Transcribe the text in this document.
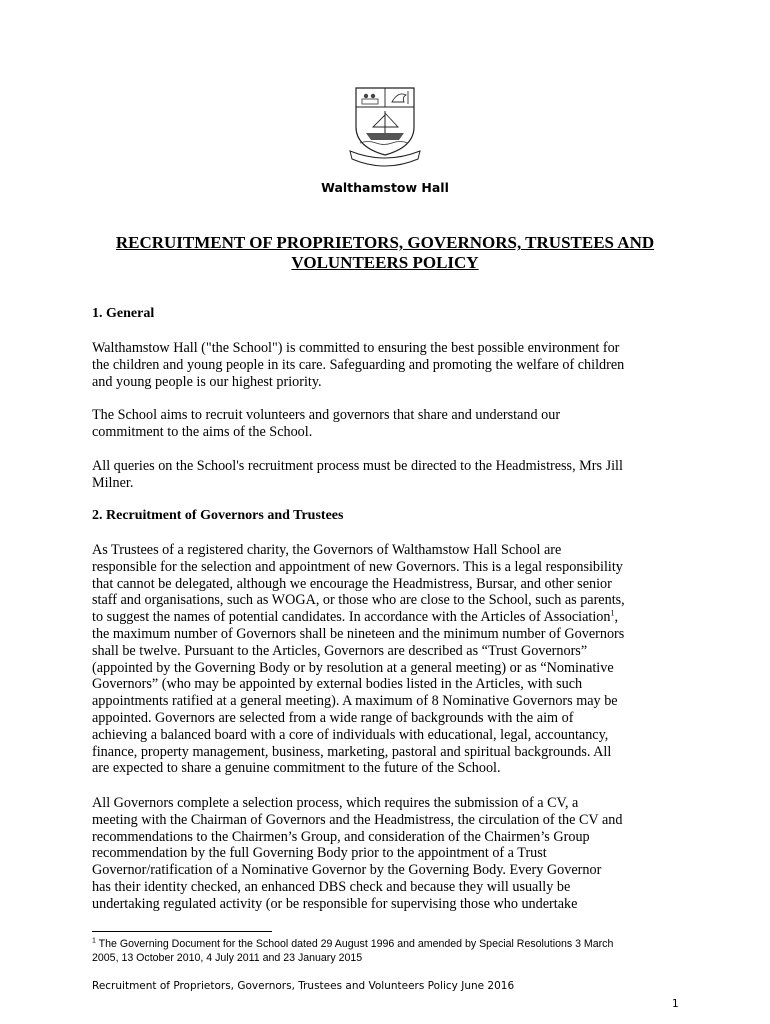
Walthamstow Hall
RECRUITMENT OF PROPRIETORS, GOVERNORS, TRUSTEES AND
VOLUNTEERS POLICY
1. General

Walthamstow Hall ("the School") is committed to ensuring the best possible environment for
the children and young people in its care. Safeguarding and promoting the welfare of children
and young people is our highest priority.

The School aims to recruit volunteers and governors that share and understand our
commitment to the aims of the School.

All queries on the School's recruitment process must be directed to the Headmistress, Mrs Jill
Milner.

2. Recruitment of Governors and Trustees

As Trustees of a registered charity, the Governors of Walthamstow Hall School are
responsible for the selection and appointment of new Governors. This is a legal responsibility
that cannot be delegated, although we encourage the Headmistress, Bursar, and other senior
staff and organisations, such as WOGA, or those who are close to the School, such as parents,
to suggest the names of potential candidates. In accordance with the Articles of Association$^1$,
the maximum number of Governors shall be nineteen and the minimum number of Governors
shall be twelve. Pursuant to the Articles, Governors are described as “Trust Governors”
(appointed by the Governing Body or by resolution at a general meeting) or as “Nominative
Governors” (who may be appointed by external bodies listed in the Articles, with such
appointments ratified at a general meeting). A maximum of 8 Nominative Governors may be
appointed. Governors are selected from a wide range of backgrounds with the aim of
achieving a balanced board with a core of individuals with educational, legal, accountancy,
finance, property management, business, marketing, pastoral and spiritual backgrounds. All
are expected to share a genuine commitment to the future of the School.

All Governors complete a selection process, which requires the submission of a CV, a
meeting with the Chairman of Governors and the Headmistress, the circulation of the CV and
recommendations to the Chairmen’s Group, and consideration of the Chairmen’s Group
recommendation by the full Governing Body prior to the appointment of a Trust
Governor/ratification of a Nominative Governor by the Governing Body. Every Governor
has their identity checked, an enhanced DBS check and because they will usually be
undertaking regulated activity (or be responsible for supervising those who undertake

$^1$ The Governing Document for the School dated 29 August 1996 and amended by Special Resolutions 3 March
2005, 13 October 2010, 4 July 2011 and 23 January 2015
Recruitment of Proprietors, Governors, Trustees and Volunteers Policy June 2016
1
